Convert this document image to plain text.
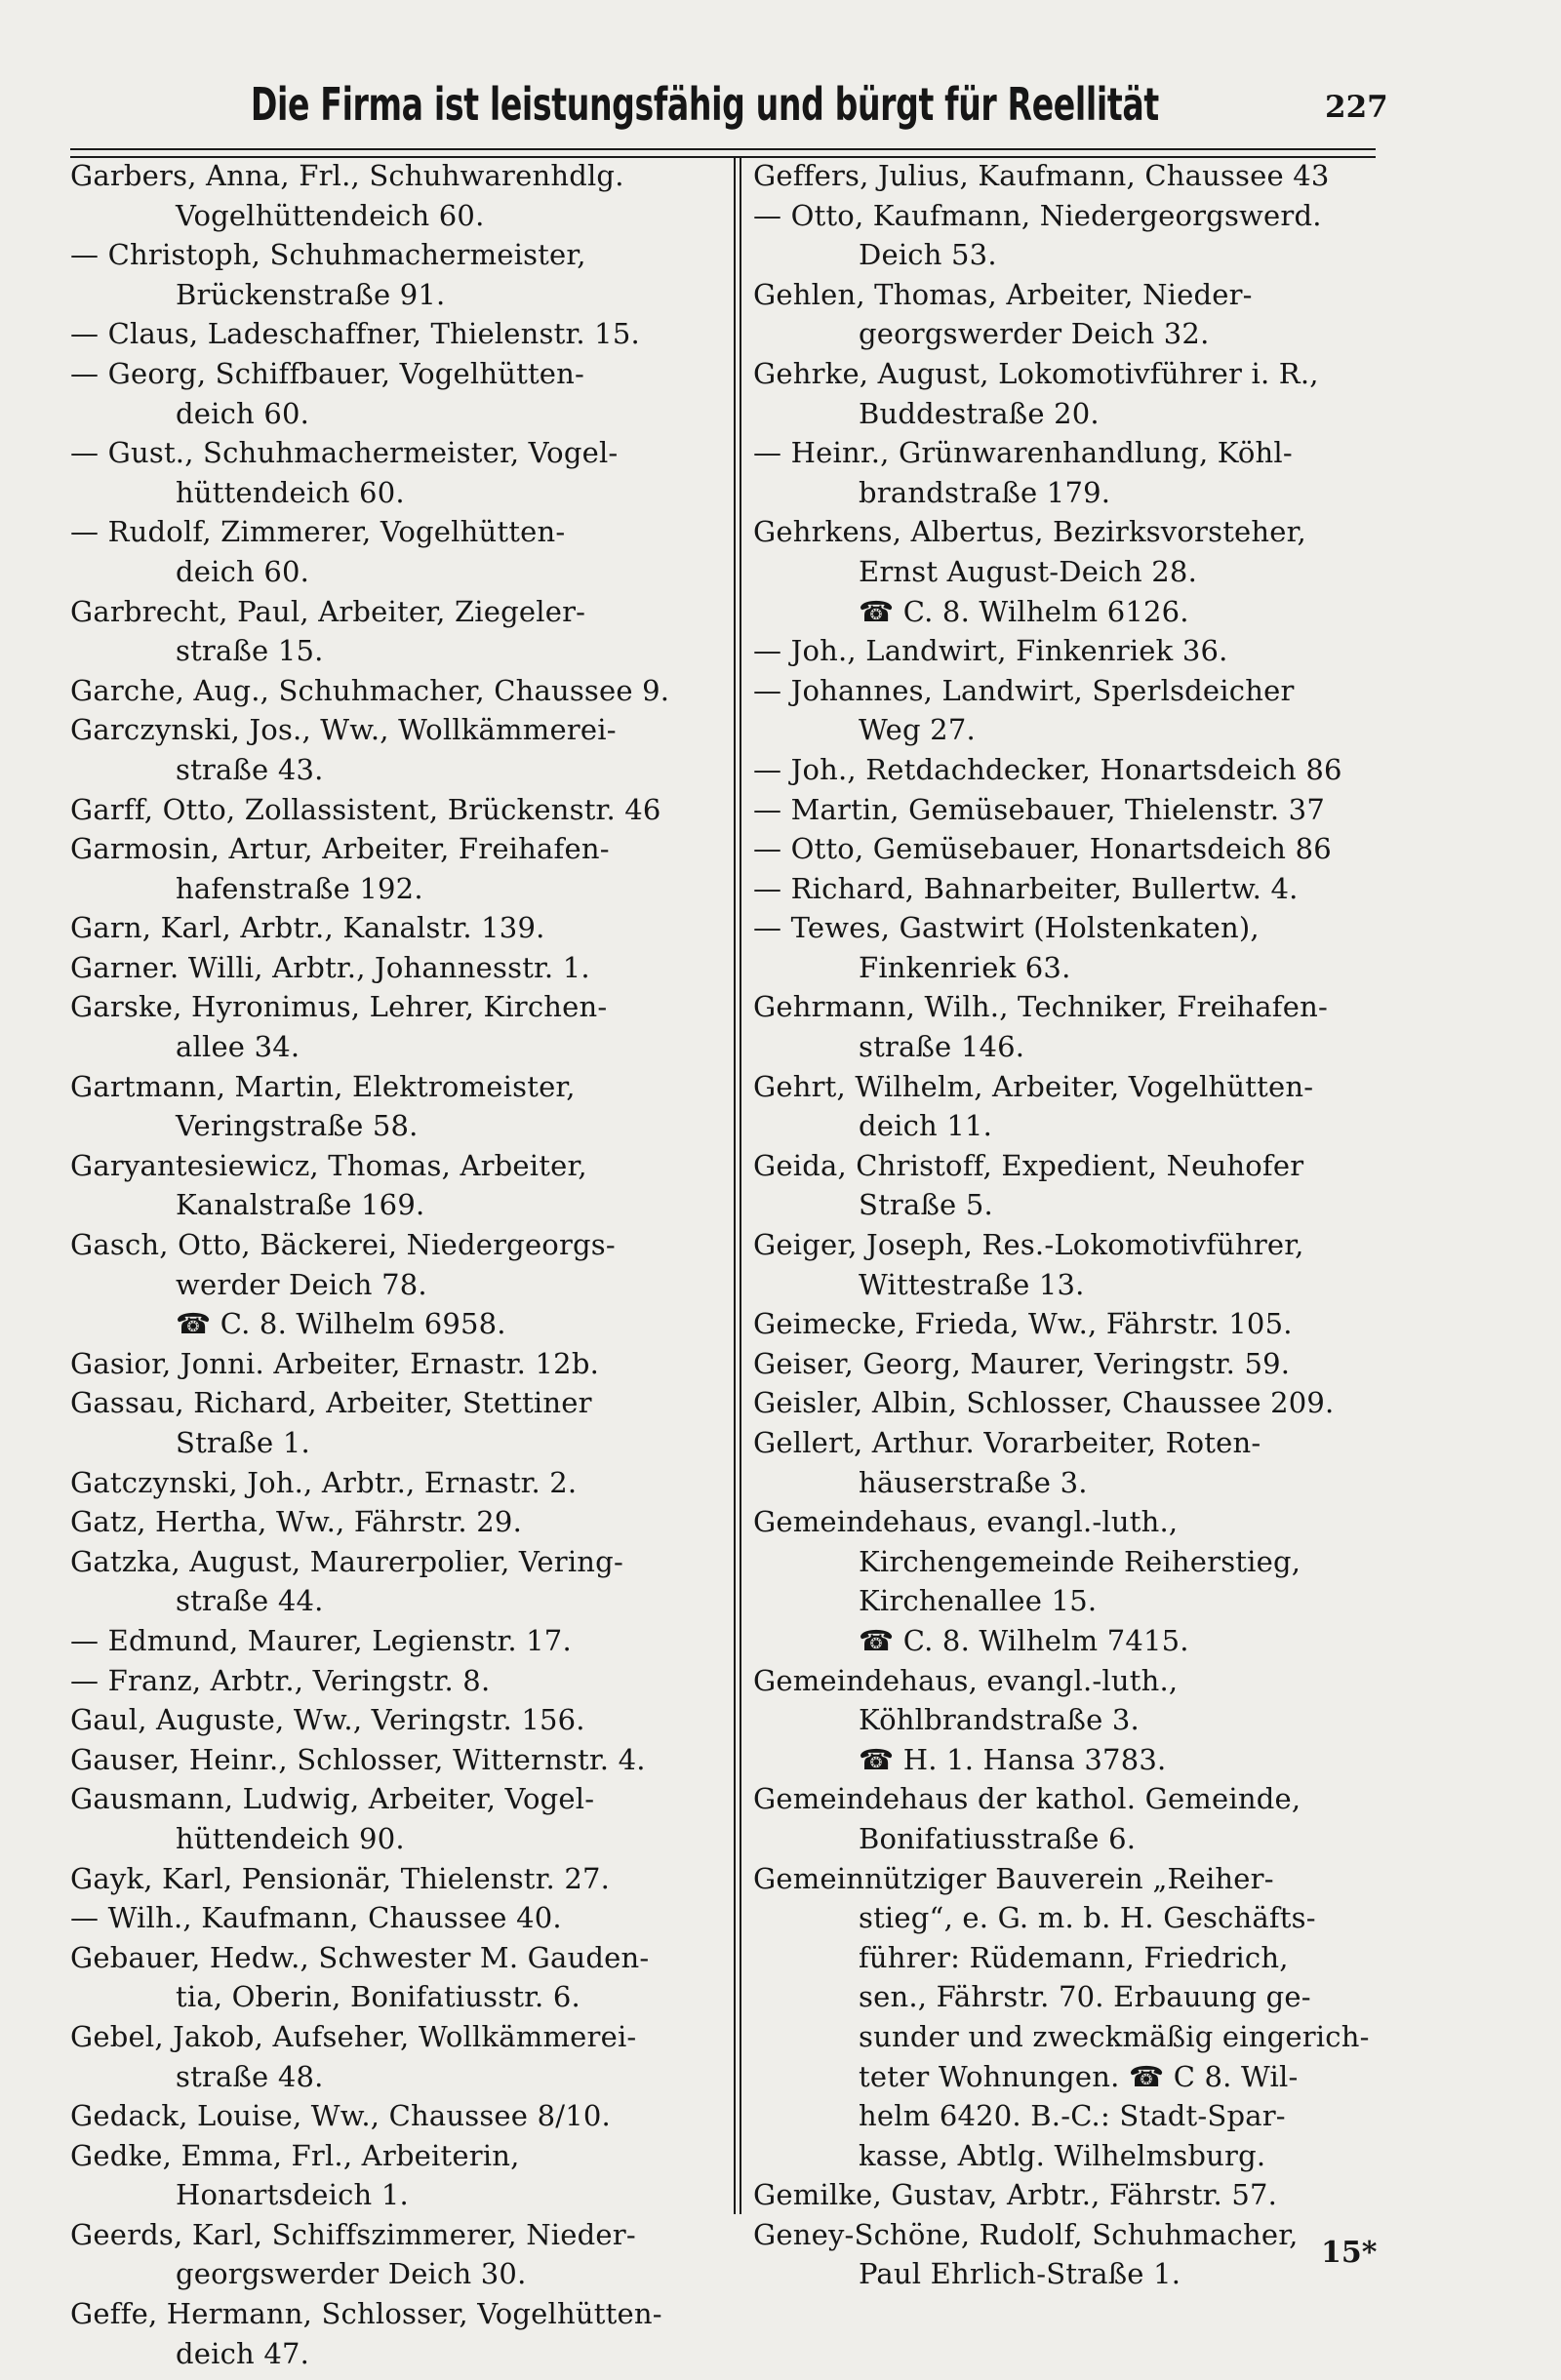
Die Firma ist leistungsfähig und bürgt für Reellität	227
Garbers, Anna, Frl., Schuhwarenhdlg.
Vogelhüttendeich 60.
— Christoph, Schuhmachermeister,
Brückenstraße 91.
— Claus, Ladeschaffner, Thielenstr. 15.
— Georg, Schiffbauer, Vogelhütten-
deich 60.
— Gust., Schuhmachermeister, Vogel-
hüttendeich 60.
— Rudolf, Zimmerer, Vogelhütten-
deich 60.
Garbrecht, Paul, Arbeiter, Ziegeler-
straße 15.
Garche, Aug., Schuhmacher, Chaussee 9.
Garczynski, Jos., Ww., Wollkämmerei-
straße 43.
Garff, Otto, Zollassistent, Brückenstr. 46
Garmosin, Artur, Arbeiter, Freihafen-
hafenstraße 192.
Garn, Karl, Arbtr., Kanalstr. 139.
Garner. Willi, Arbtr., Johannesstr. 1.
Garske, Hyronimus, Lehrer, Kirchen-
allee 34.
Gartmann, Martin, Elektromeister,
Veringstraße 58.
Garyantesiewicz, Thomas, Arbeiter,
Kanalstraße 169.
Gasch, Otto, Bäckerei, Niedergeorgs-
werder Deich 78.
☎ C. 8. Wilhelm 6958.
Gasior, Jonni. Arbeiter, Ernastr. 12b.
Gassau, Richard, Arbeiter, Stettiner
Straße 1.
Gatczynski, Joh., Arbtr., Ernastr. 2.
Gatz, Hertha, Ww., Fährstr. 29.
Gatzka, August, Maurerpolier, Vering-
straße 44.
— Edmund, Maurer, Legienstr. 17.
— Franz, Arbtr., Veringstr. 8.
Gaul, Auguste, Ww., Veringstr. 156.
Gauser, Heinr., Schlosser, Witternstr. 4.
Gausmann, Ludwig, Arbeiter, Vogel-
hüttendeich 90.
Gayk, Karl, Pensionär, Thielenstr. 27.
— Wilh., Kaufmann, Chaussee 40.
Gebauer, Hedw., Schwester M. Gauden-
tia, Oberin, Bonifatiusstr. 6.
Gebel, Jakob, Aufseher, Wollkämmerei-
straße 48.
Gedack, Louise, Ww., Chaussee 8/10.
Gedke, Emma, Frl., Arbeiterin,
Honartsdeich 1.
Geerds, Karl, Schiffszimmerer, Nieder-
georgswerder Deich 30.
Geffe, Hermann, Schlosser, Vogelhütten-
deich 47.
Geffers, Julius, Kaufmann, Chaussee 43
— Otto, Kaufmann, Niedergeorgswerd.
Deich 53.
Gehlen, Thomas, Arbeiter, Nieder-
georgswerder Deich 32.
Gehrke, August, Lokomotivführer i. R.,
Buddestraße 20.
— Heinr., Grünwarenhandlung, Köhl-
brandstraße 179.
Gehrkens, Albertus, Bezirksvorsteher,
Ernst August-Deich 28.
☎ C. 8. Wilhelm 6126.
— Joh., Landwirt, Finkenriek 36.
— Johannes, Landwirt, Sperlsdeicher
Weg 27.
— Joh., Retdachdecker, Honartsdeich 86
— Martin, Gemüsebauer, Thielenstr. 37
— Otto, Gemüsebauer, Honartsdeich 86
— Richard, Bahnarbeiter, Bullertw. 4.
— Tewes, Gastwirt (Holstenkaten),
Finkenriek 63.
Gehrmann, Wilh., Techniker, Freihafen-
straße 146.
Gehrt, Wilhelm, Arbeiter, Vogelhütten-
deich 11.
Geida, Christoff, Expedient, Neuhofer
Straße 5.
Geiger, Joseph, Res.-Lokomotivführer,
Wittestraße 13.
Geimecke, Frieda, Ww., Fährstr. 105.
Geiser, Georg, Maurer, Veringstr. 59.
Geisler, Albin, Schlosser, Chaussee 209.
Gellert, Arthur. Vorarbeiter, Roten-
häuserstraße 3.
Gemeindehaus, evangl.-luth.,
Kirchengemeinde Reiherstieg,
Kirchenallee 15.
☎ C. 8. Wilhelm 7415.
Gemeindehaus, evangl.-luth.,
Köhlbrandstraße 3.
☎ H. 1. Hansa 3783.
Gemeindehaus der kathol. Gemeinde,
Bonifatiusstraße 6.
Gemeinnütziger Bauverein „Reiher-
stieg“, e. G. m. b. H. Geschäfts-
führer: Rüdemann, Friedrich,
sen., Fährstr. 70. Erbauung ge-
sunder und zweckmäßig eingerich-
teter Wohnungen. ☎ C 8. Wil-
helm 6420. B.-C.: Stadt-Spar-
kasse, Abtlg. Wilhelmsburg.
Gemilke, Gustav, Arbtr., Fährstr. 57.
Geney-Schöne, Rudolf, Schuhmacher,
Paul Ehrlich-Straße 1.
15*
